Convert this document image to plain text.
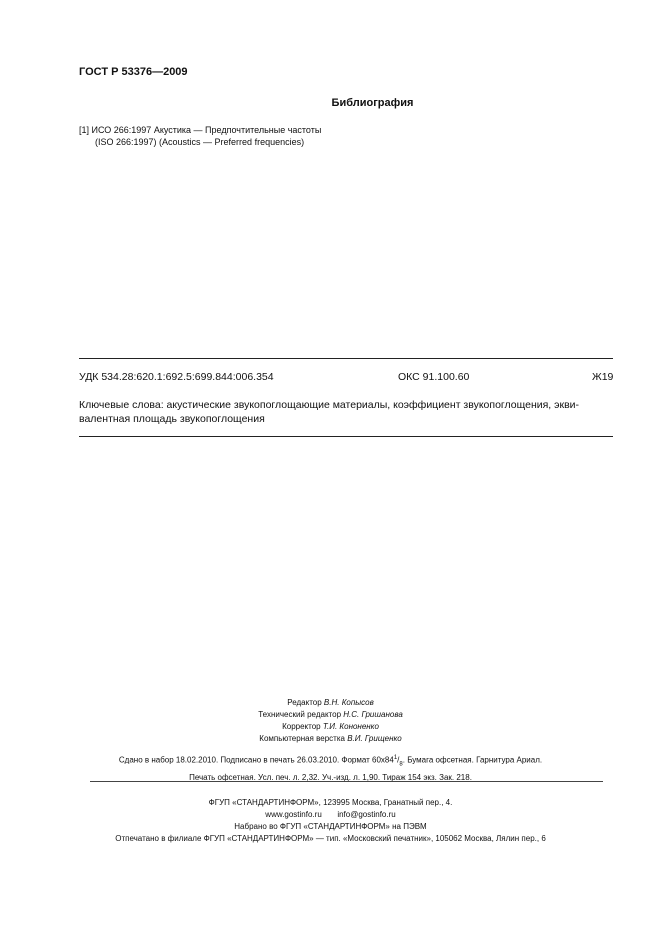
ГОСТ Р 53376—2009
Библиография
[1] ИСО 266:1997 Акустика — Предпочтительные частоты
(ISO 266:1997) (Acoustics — Preferred frequencies)
УДК 534.28:620.1:692.5:699.844:006.354	ОКС 91.100.60	Ж19
Ключевые слова: акустические звукопоглощающие материалы, коэффициент звукопоглощения, экви-
валентная площадь звукопоглощения
Редактор В.Н. Копысов
Технический редактор Н.С. Гришанова
Корректор Т.И. Кононенко
Компьютерная верстка В.И. Грищенко
Сдано в набор 18.02.2010. Подписано в печать 26.03.2010. Формат $60х84^1/_8$. Бумага офсетная. Гарнитура Ариал.
Печать офсетная. Усл. печ. л. 2,32. Уч.-изд. л. 1,90. Тираж 154 экз. Зак. 218.
ФГУП «СТАНДАРТИНФОРМ», 123995 Москва, Гранатный пер., 4.
www.gostinfo.ru info@gostinfo.ru
Набрано во ФГУП «СТАНДАРТИНФОРМ» на ПЭВМ
Отпечатано в филиале ФГУП «СТАНДАРТИНФОРМ» — тип. «Московский печатник», 105062 Москва, Лялин пер., 6
